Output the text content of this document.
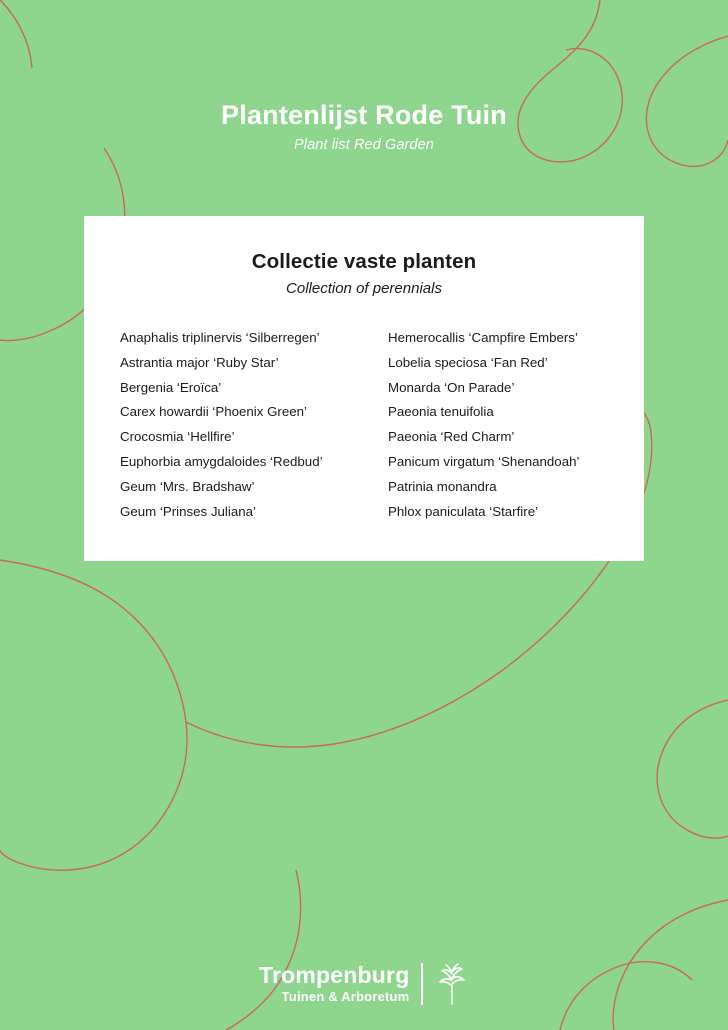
Plantenlijst Rode Tuin

Plant list Red Garden

Collectie vaste planten

Collection of perennials

Anaphalis triplinervis ‘Silberregen’
Astrantia major ‘Ruby Star’
Bergenia ‘Eroïca’
Carex howardii ‘Phoenix Green’
Crocosmia ‘Hellfire’
Euphorbia amygdaloides ‘Redbud’
Geum ‘Mrs. Bradshaw’
Geum ‘Prinses Juliana’
Hemerocallis ‘Campfire Embers’
Lobelia speciosa ‘Fan Red’
Monarda ‘On Parade’
Paeonia tenuifolia
Paeonia ‘Red Charm’
Panicum virgatum ‘Shenandoah’
Patrinia monandra
Phlox paniculata ‘Starfire’
Trompenburg
Tuinen & Arboretum
